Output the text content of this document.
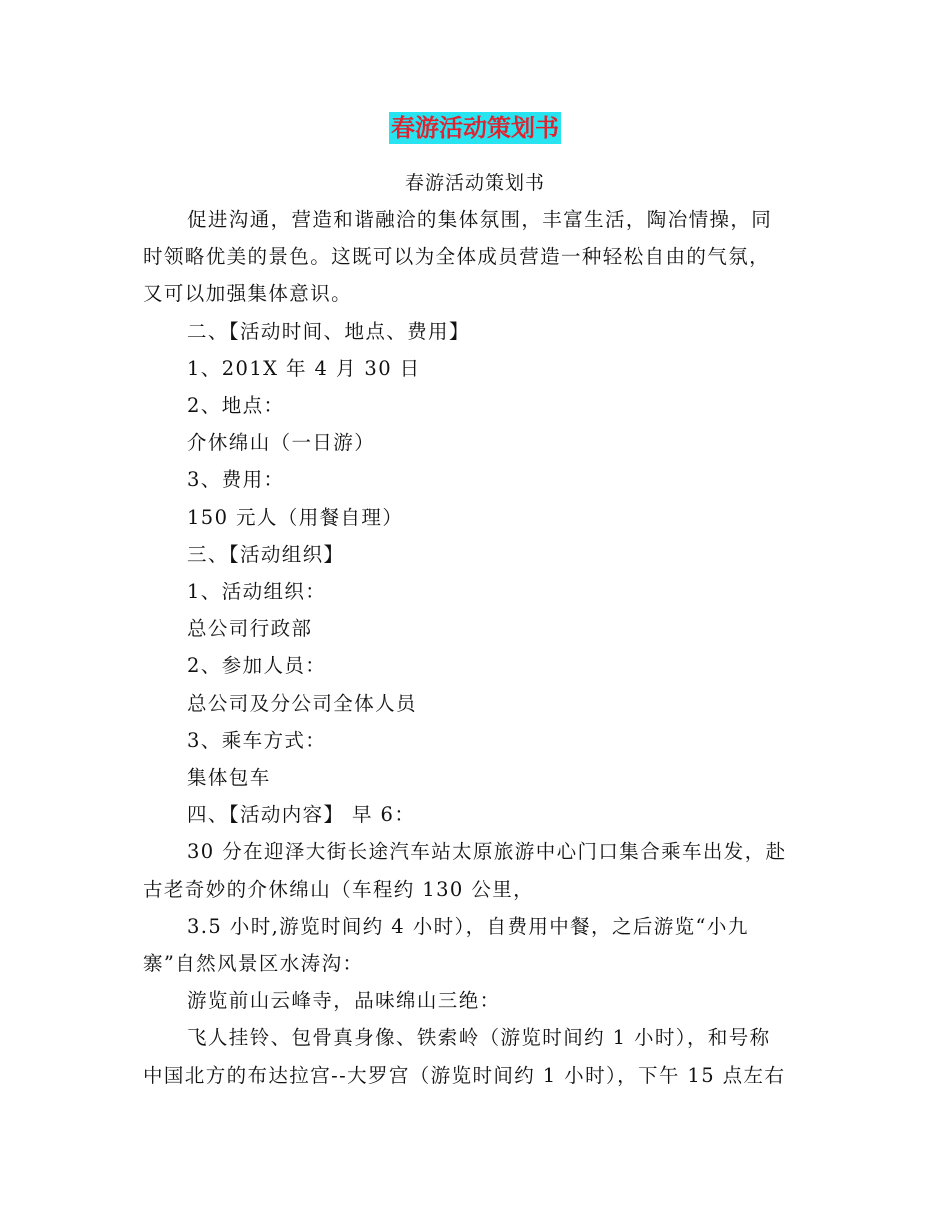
春游活动策划书
春游活动策划书
促进沟通，营造和谐融洽的集体氛围，丰富生活，陶冶情操，同
时领略优美的景色。这既可以为全体成员营造一种轻松自由的气氛，
又可以加强集体意识。
二、【活动时间、地点、费用】
1、201X 年 4 月 30 日
2、地点：
介休绵山（一日游）
3、费用：
150 元人（用餐自理）
三、【活动组织】
1、活动组织：
总公司行政部
2、参加人员：
总公司及分公司全体人员
3、乘车方式：
集体包车
四、【活动内容】 早 6：
30 分在迎泽大街长途汽车站太原旅游中心门口集合乘车出发，赴
古老奇妙的介休绵山（车程约 130 公里，
3.5 小时,游览时间约 4 小时），自费用中餐，之后游览“小九
寨”自然风景区水涛沟：
游览前山云峰寺，品味绵山三绝：
飞人挂铃、包骨真身像、铁索岭（游览时间约 1 小时），和号称
中国北方的布达拉宫--大罗宫（游览时间约 1 小时），下午 15 点左右
